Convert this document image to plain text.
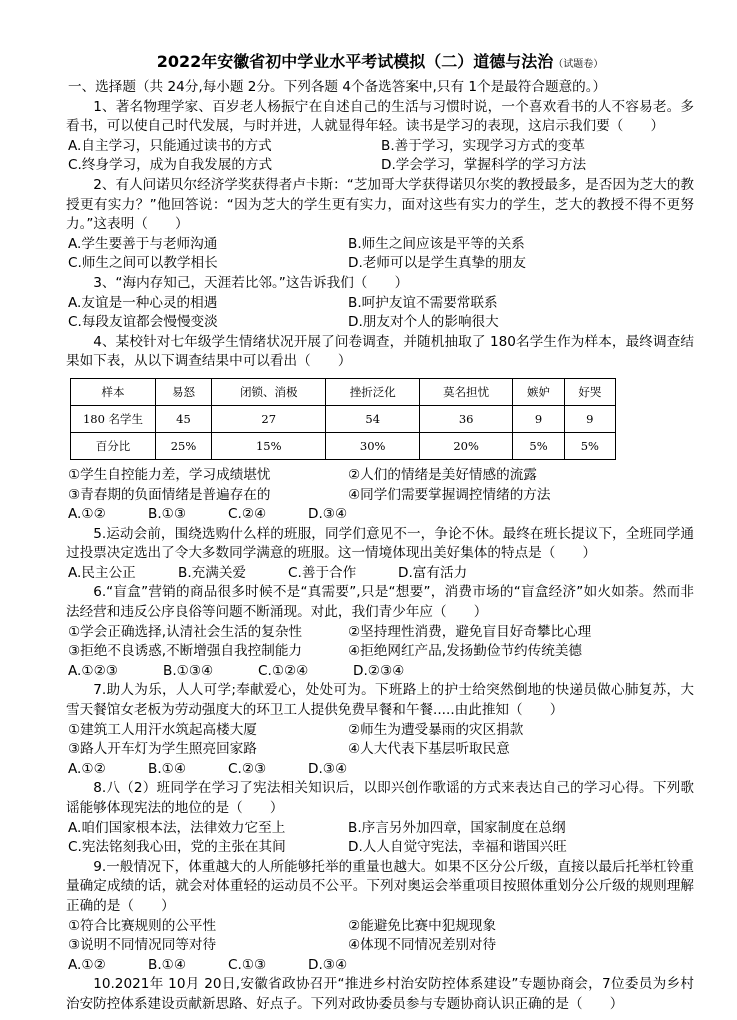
2022年安徽省初中学业水平考试模拟（二）道德与法治（试题卷）
一、选择题（共 24分,每小题 2分。下列各题 4个备选答案中,只有 1个是最符合题意的。）
1、著名物理学家、百岁老人杨振宁在自述自己的生活与习惯时说，一个喜欢看书的人不容易老。多看书，可以使自己时代发展，与时并进，人就显得年轻。读书是学习的表现，这启示我们要（　　）
A.自主学习，只能通过读书的方式	B.善于学习，实现学习方式的变革
C.终身学习，成为自我发展的方式	D.学会学习，掌握科学的学习方法
2、有人问诺贝尔经济学奖获得者卢卡斯：“芝加哥大学获得诺贝尔奖的教授最多，是否因为芝大的教授更有实力？”他回答说：“因为芝大的学生更有实力，面对这些有实力的学生，芝大的教授不得不更努力。”这表明（　　）
A.学生要善于与老师沟通	B.师生之间应该是平等的关系
C.师生之间可以教学相长	D.老师可以是学生真挚的朋友
3、“海内存知己，天涯若比邻。”这告诉我们（　　）
A.友谊是一种心灵的相遇	B.呵护友谊不需要常联系
C.每段友谊都会慢慢变淡	D.朋友对个人的影响很大
4、某校针对七年级学生情绪状况开展了问卷调查，并随机抽取了 180名学生作为样本，最终调查结果如下表，从以下调查结果中可以看出（　　）
样本	易怒	闭锁、消极	挫折泛化	莫名担忧	嫉妒	好哭
180 名学生	45	27	54	36	9	9
百分比	25%	15%	30%	20%	5%	5%
①学生自控能力差，学习成绩堪忧	②人们的情绪是美好情感的流露
③青春期的负面情绪是普遍存在的	④同学们需要掌握调控情绪的方法
A.①②	B.①③	C.②④	D.③④
5.运动会前，围绕选购什么样的班服，同学们意见不一，争论不休。最终在班长提议下，全班同学通过投票决定选出了令大多数同学满意的班服。这一情境体现出美好集体的特点是（　　）
A.民主公正	B.充满关爱	C.善于合作	D.富有活力
6.“盲盒”营销的商品很多时候不是“真需要”,只是“想要”，消费市场的“盲盒经济”如火如荼。然而非法经营和违反公序良俗等问题不断涌现。对此，我们青少年应（　　）
①学会正确选择,认清社会生活的复杂性	②坚持理性消费，避免盲目好奇攀比心理
③拒绝不良诱惑,不断增强自我控制能力	④拒绝网红产品,发扬勤俭节约传统美德
A.①②③	B.①③④	C.①②④	D.②③④
7.助人为乐，人人可学;奉献爱心，处处可为。下班路上的护士给突然倒地的快递员做心肺复苏，大雪天餐馆女老板为劳动强度大的环卫工人提供免费早餐和午餐.....由此推知（　　）
①建筑工人用汗水筑起高楼大厦	②师生为遭受暴雨的灾区捐款
③路人开车灯为学生照亮回家路	④人大代表下基层听取民意
A.①②	B.①④	C.②③	D.③④
8.八（2）班同学在学习了宪法相关知识后，以即兴创作歌谣的方式来表达自己的学习心得。下列歌谣能够体现宪法的地位的是（　　）
A.咱们国家根本法，法律效力它至上	B.序言另外加四章，国家制度在总纲
C.宪法铭刻我心田，党的主张在其间	D.人人自觉守宪法，幸福和谐国兴旺
9.一般情况下，体重越大的人所能够托举的重量也越大。如果不区分公斤级，直接以最后托举杠铃重量确定成绩的话，就会对体重轻的运动员不公平。下列对奥运会举重项目按照体重划分公斤级的规则理解正确的是（　　）
①符合比赛规则的公平性	②能避免比赛中犯规现象
③说明不同情况同等对待	④体现不同情况差别对待
A.①②	B.①④	C.①③	D.③④
10.2021年 10月 20日,安徽省政协召开“推进乡村治安防控体系建设”专题协商会，7位委员为乡村治安防控体系建设贡献新思路、好点子。下列对政协委员参与专题协商认识正确的是（　　）
